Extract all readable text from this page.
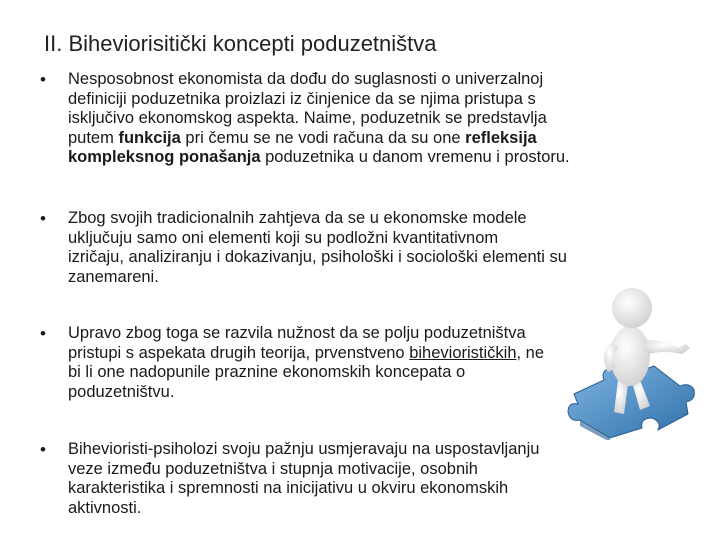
II. Biheviorisitički koncepti poduzetništva
•	Nesposobnost ekonomista da dođu do suglasnosti o univerzalnoj
definiciji poduzetnika proizlazi iz činjenice da se njima pristupa s
isključivo ekonomskog aspekta. Naime, poduzetnik se predstavlja
putem funkcija pri čemu se ne vodi računa da su one refleksija
kompleksnog ponašanja poduzetnika u danom vremenu i prostoru.
•	Zbog svojih tradicionalnih zahtjeva da se u ekonomske modele
uključuju samo oni elementi koji su podložni kvantitativnom
izričaju, analiziranju i dokazivanju, psihološki i sociološki elementi su
zanemareni.
•	Upravo zbog toga se razvila nužnost da se polju poduzetništva
pristupi s aspekata drugih teorija, prvenstveno biheviorističkih, ne
bi li one nadopunile praznine ekonomskih koncepata o
poduzetništvu.
•	Bihevioristi-psiholozi svoju pažnju usmjeravaju na uspostavljanju
veze između poduzetništva i stupnja motivacije, osobnih
karakteristika i spremnosti na inicijativu u okviru ekonomskih
aktivnosti.
